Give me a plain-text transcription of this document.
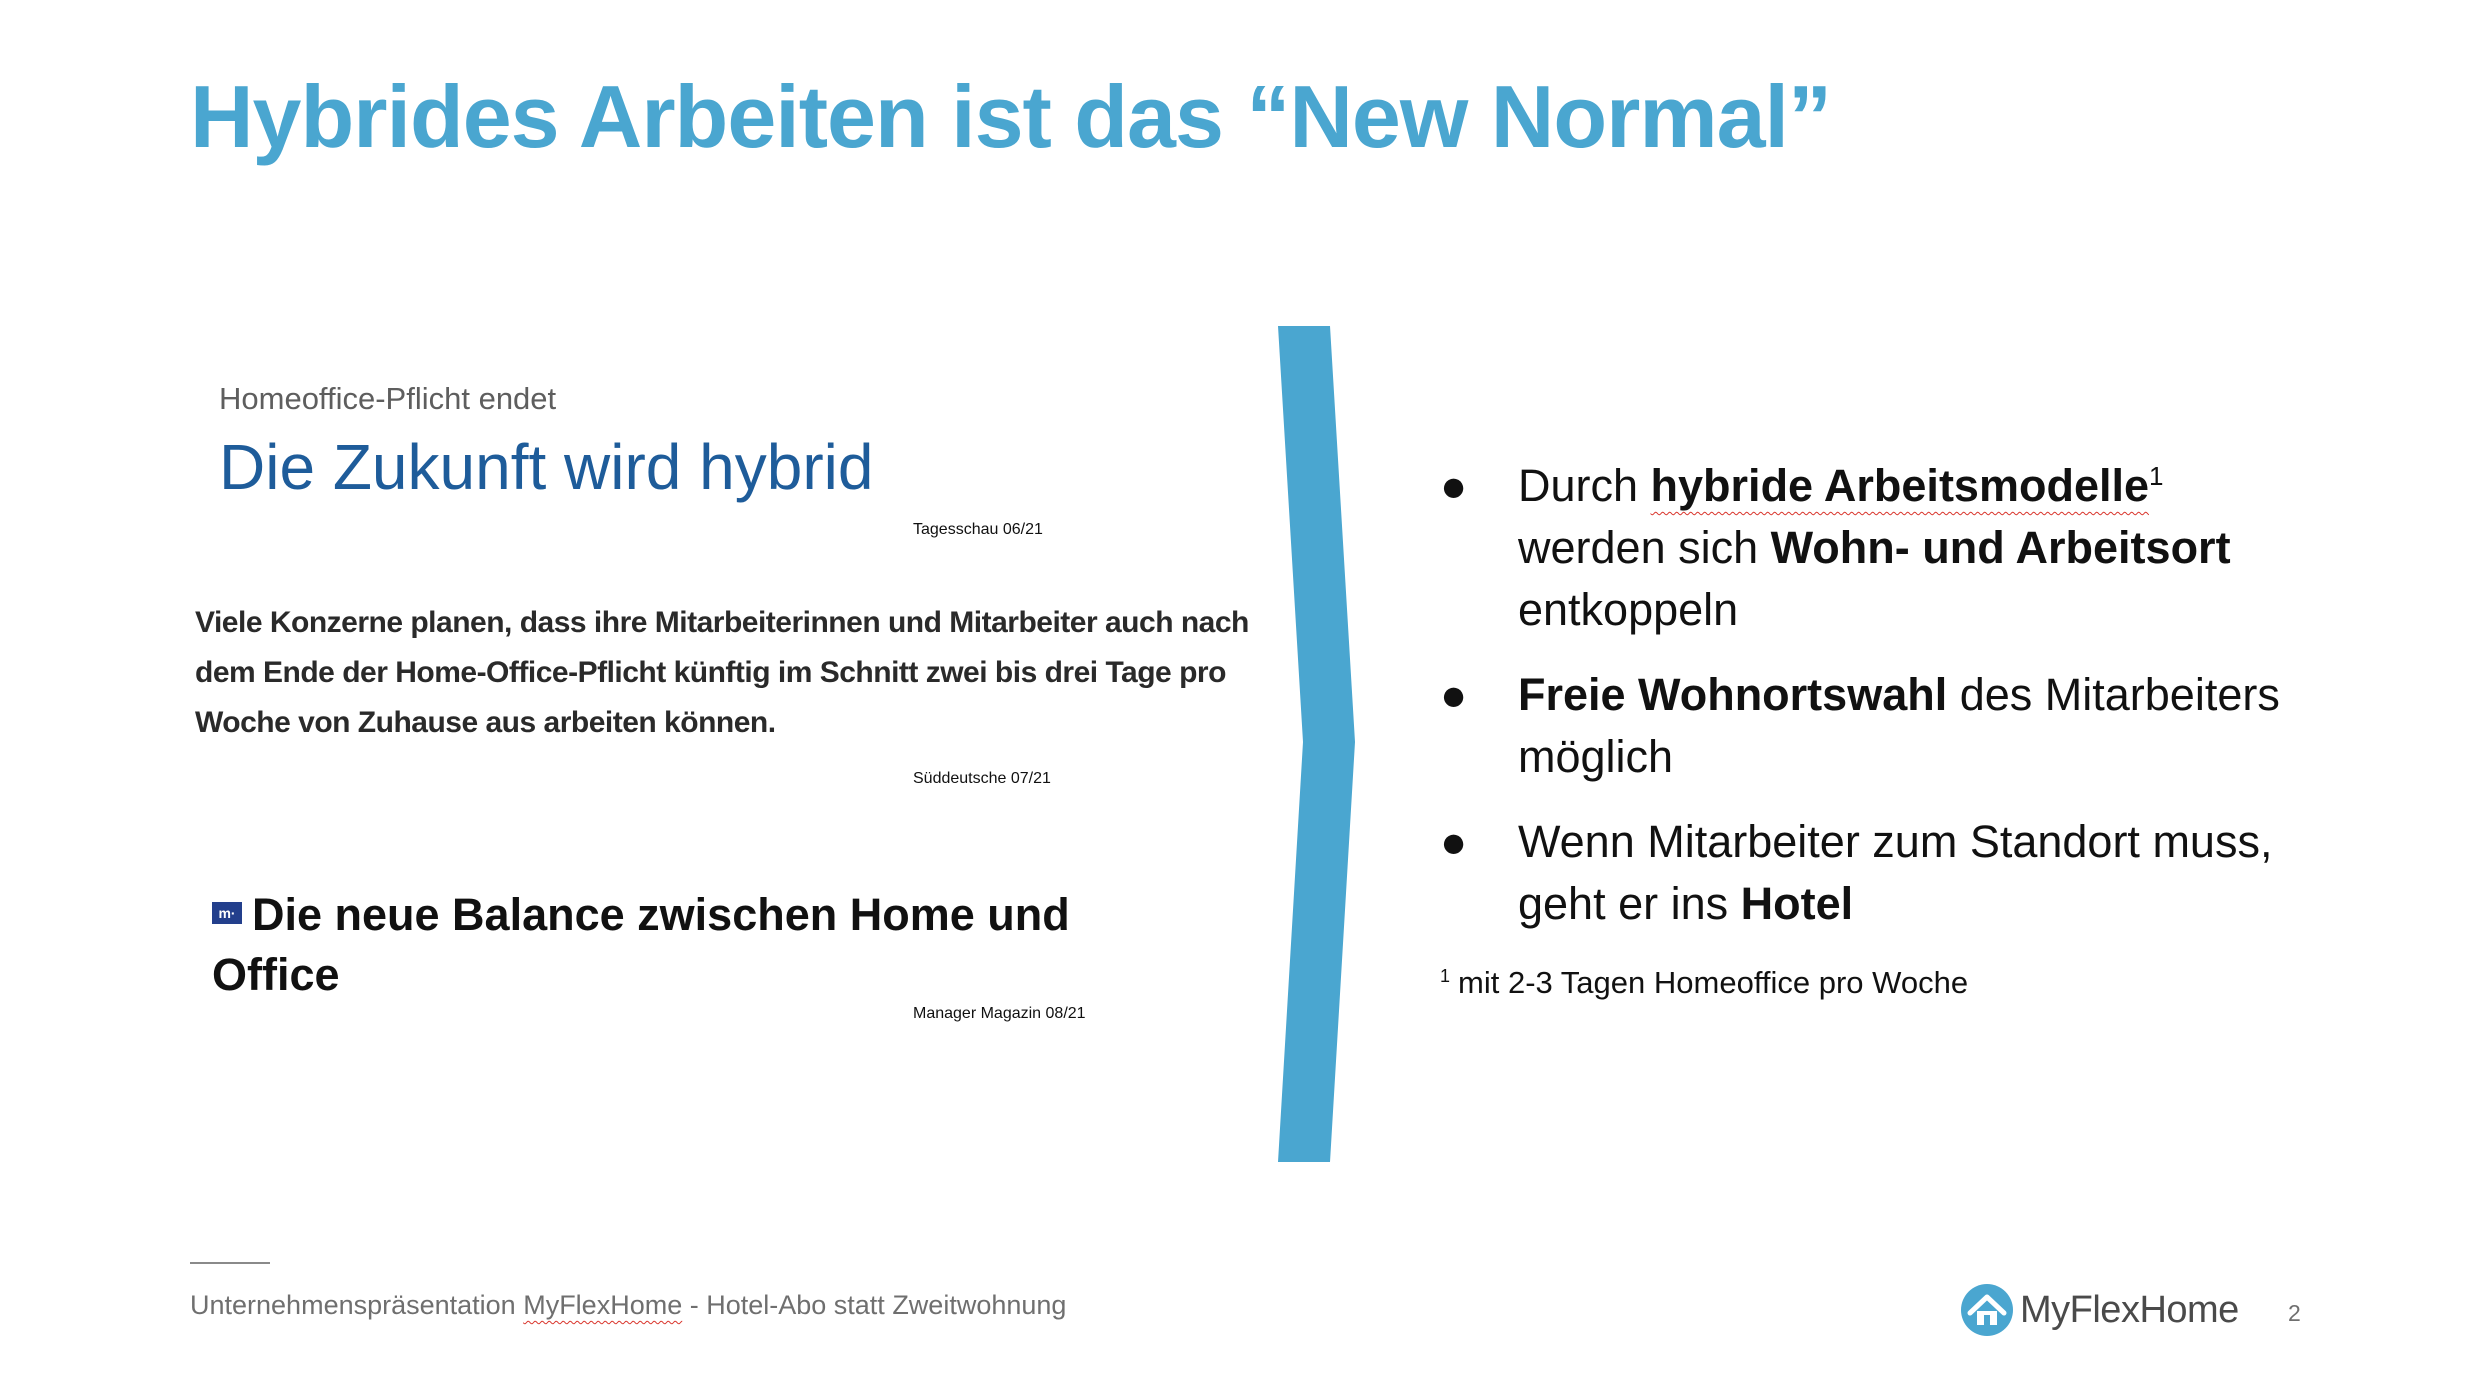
Hybrides Arbeiten ist das “New Normal”
Homeoffice-Pflicht endet
Die Zukunft wird hybrid
Tagesschau 06/21
Viele Konzerne planen, dass ihre Mitarbeiterinnen und Mitarbeiter auch nach dem Ende der Home-Office-Pflicht künftig im Schnitt zwei bis drei Tage pro Woche von Zuhause aus arbeiten können.
Süddeutsche 07/21
m· Die neue Balance zwischen Home und Office
Manager Magazin 08/21
● Durch hybride Arbeitsmodelle$^1$ werden sich Wohn- und Arbeitsort entkoppeln
● Freie Wohnortswahl des Mitarbeiters möglich
● Wenn Mitarbeiter zum Standort muss, geht er ins Hotel
$^1$ mit 2-3 Tagen Homeoffice pro Woche
Unternehmenspräsentation MyFlexHome - Hotel-Abo statt Zweitwohnung	MyFlexHome 2
